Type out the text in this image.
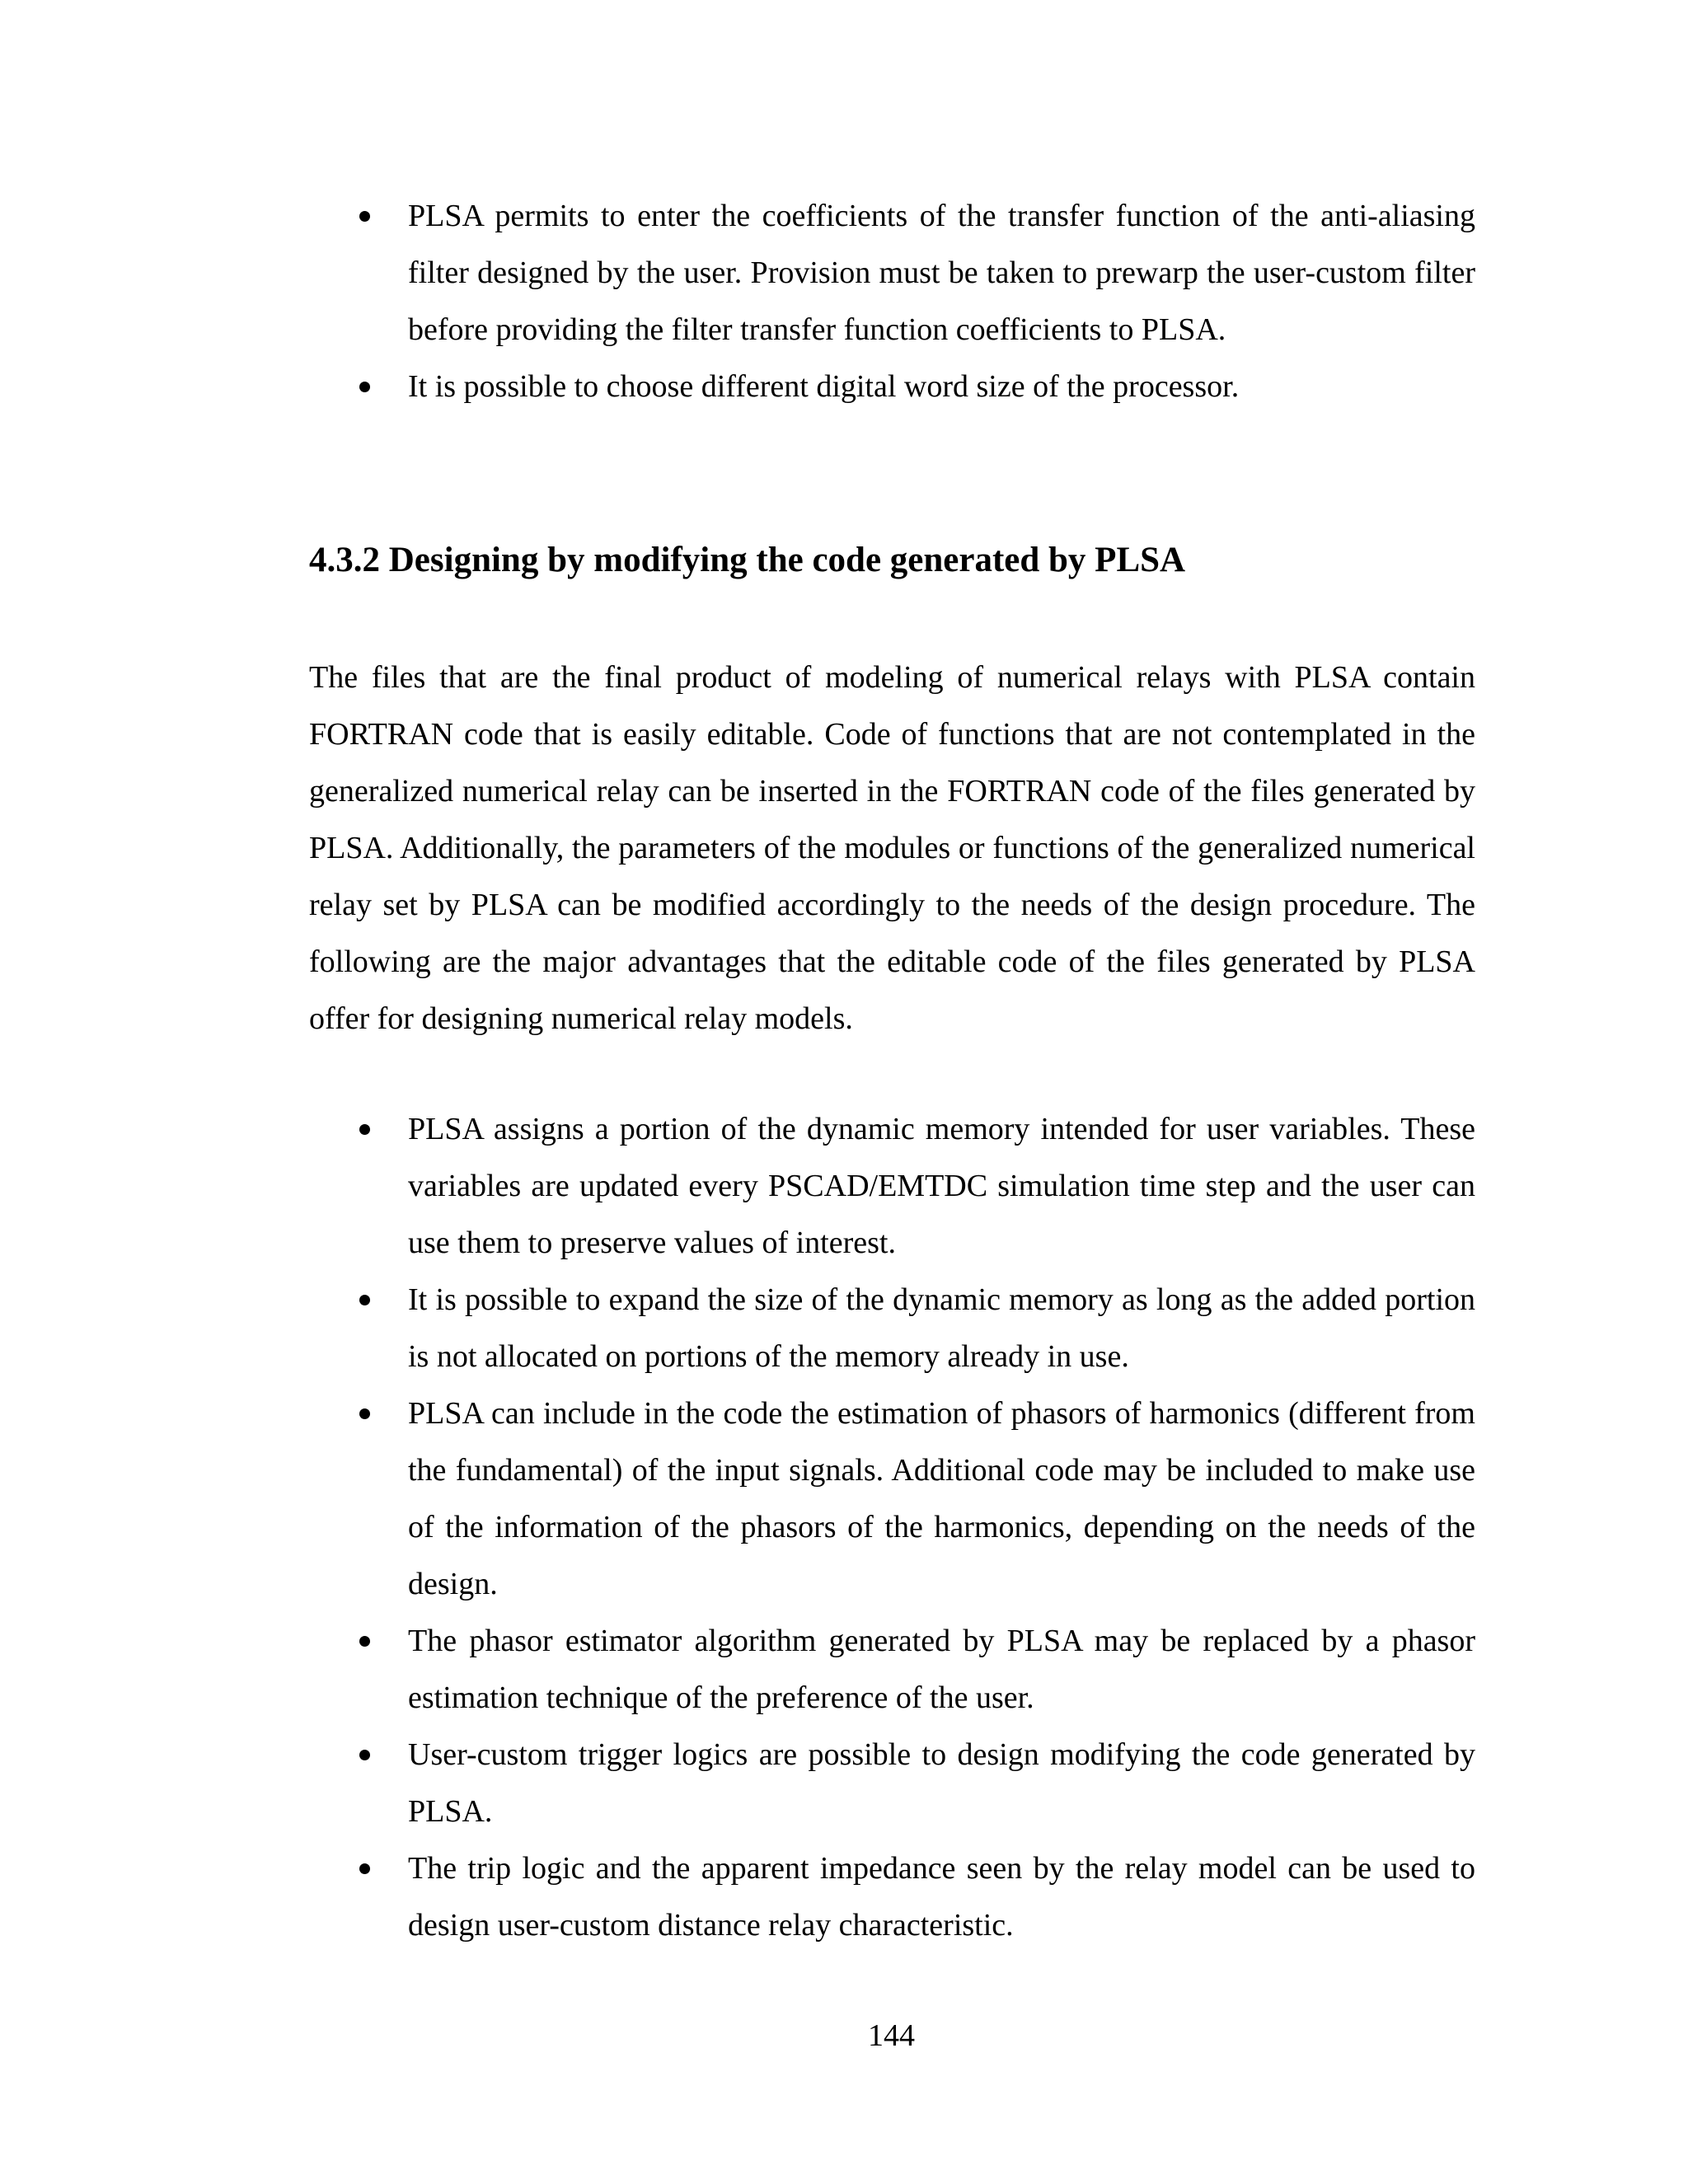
PLSA permits to enter the coefficients of the transfer function of the anti-aliasing filter designed by the user. Provision must be taken to prewarp the user-custom filter before providing the filter transfer function coefficients to PLSA.
It is possible to choose different digital word size of the processor.
4.3.2 Designing by modifying the code generated by PLSA

The files that are the final product of modeling of numerical relays with PLSA contain FORTRAN code that is easily editable. Code of functions that are not contemplated in the generalized numerical relay can be inserted in the FORTRAN code of the files generated by PLSA. Additionally, the parameters of the modules or functions of the generalized numerical relay set by PLSA can be modified accordingly to the needs of the design procedure. The following are the major advantages that the editable code of the files generated by PLSA offer for designing numerical relay models.

PLSA assigns a portion of the dynamic memory intended for user variables. These variables are updated every PSCAD/EMTDC simulation time step and the user can use them to preserve values of interest.
It is possible to expand the size of the dynamic memory as long as the added portion is not allocated on portions of the memory already in use.
PLSA can include in the code the estimation of phasors of harmonics (different from the fundamental) of the input signals. Additional code may be included to make use of the information of the phasors of the harmonics, depending on the needs of the design.
The phasor estimator algorithm generated by PLSA may be replaced by a phasor estimation technique of the preference of the user.
User-custom trigger logics are possible to design modifying the code generated by PLSA.
The trip logic and the apparent impedance seen by the relay model can be used to design user-custom distance relay characteristic.

144
